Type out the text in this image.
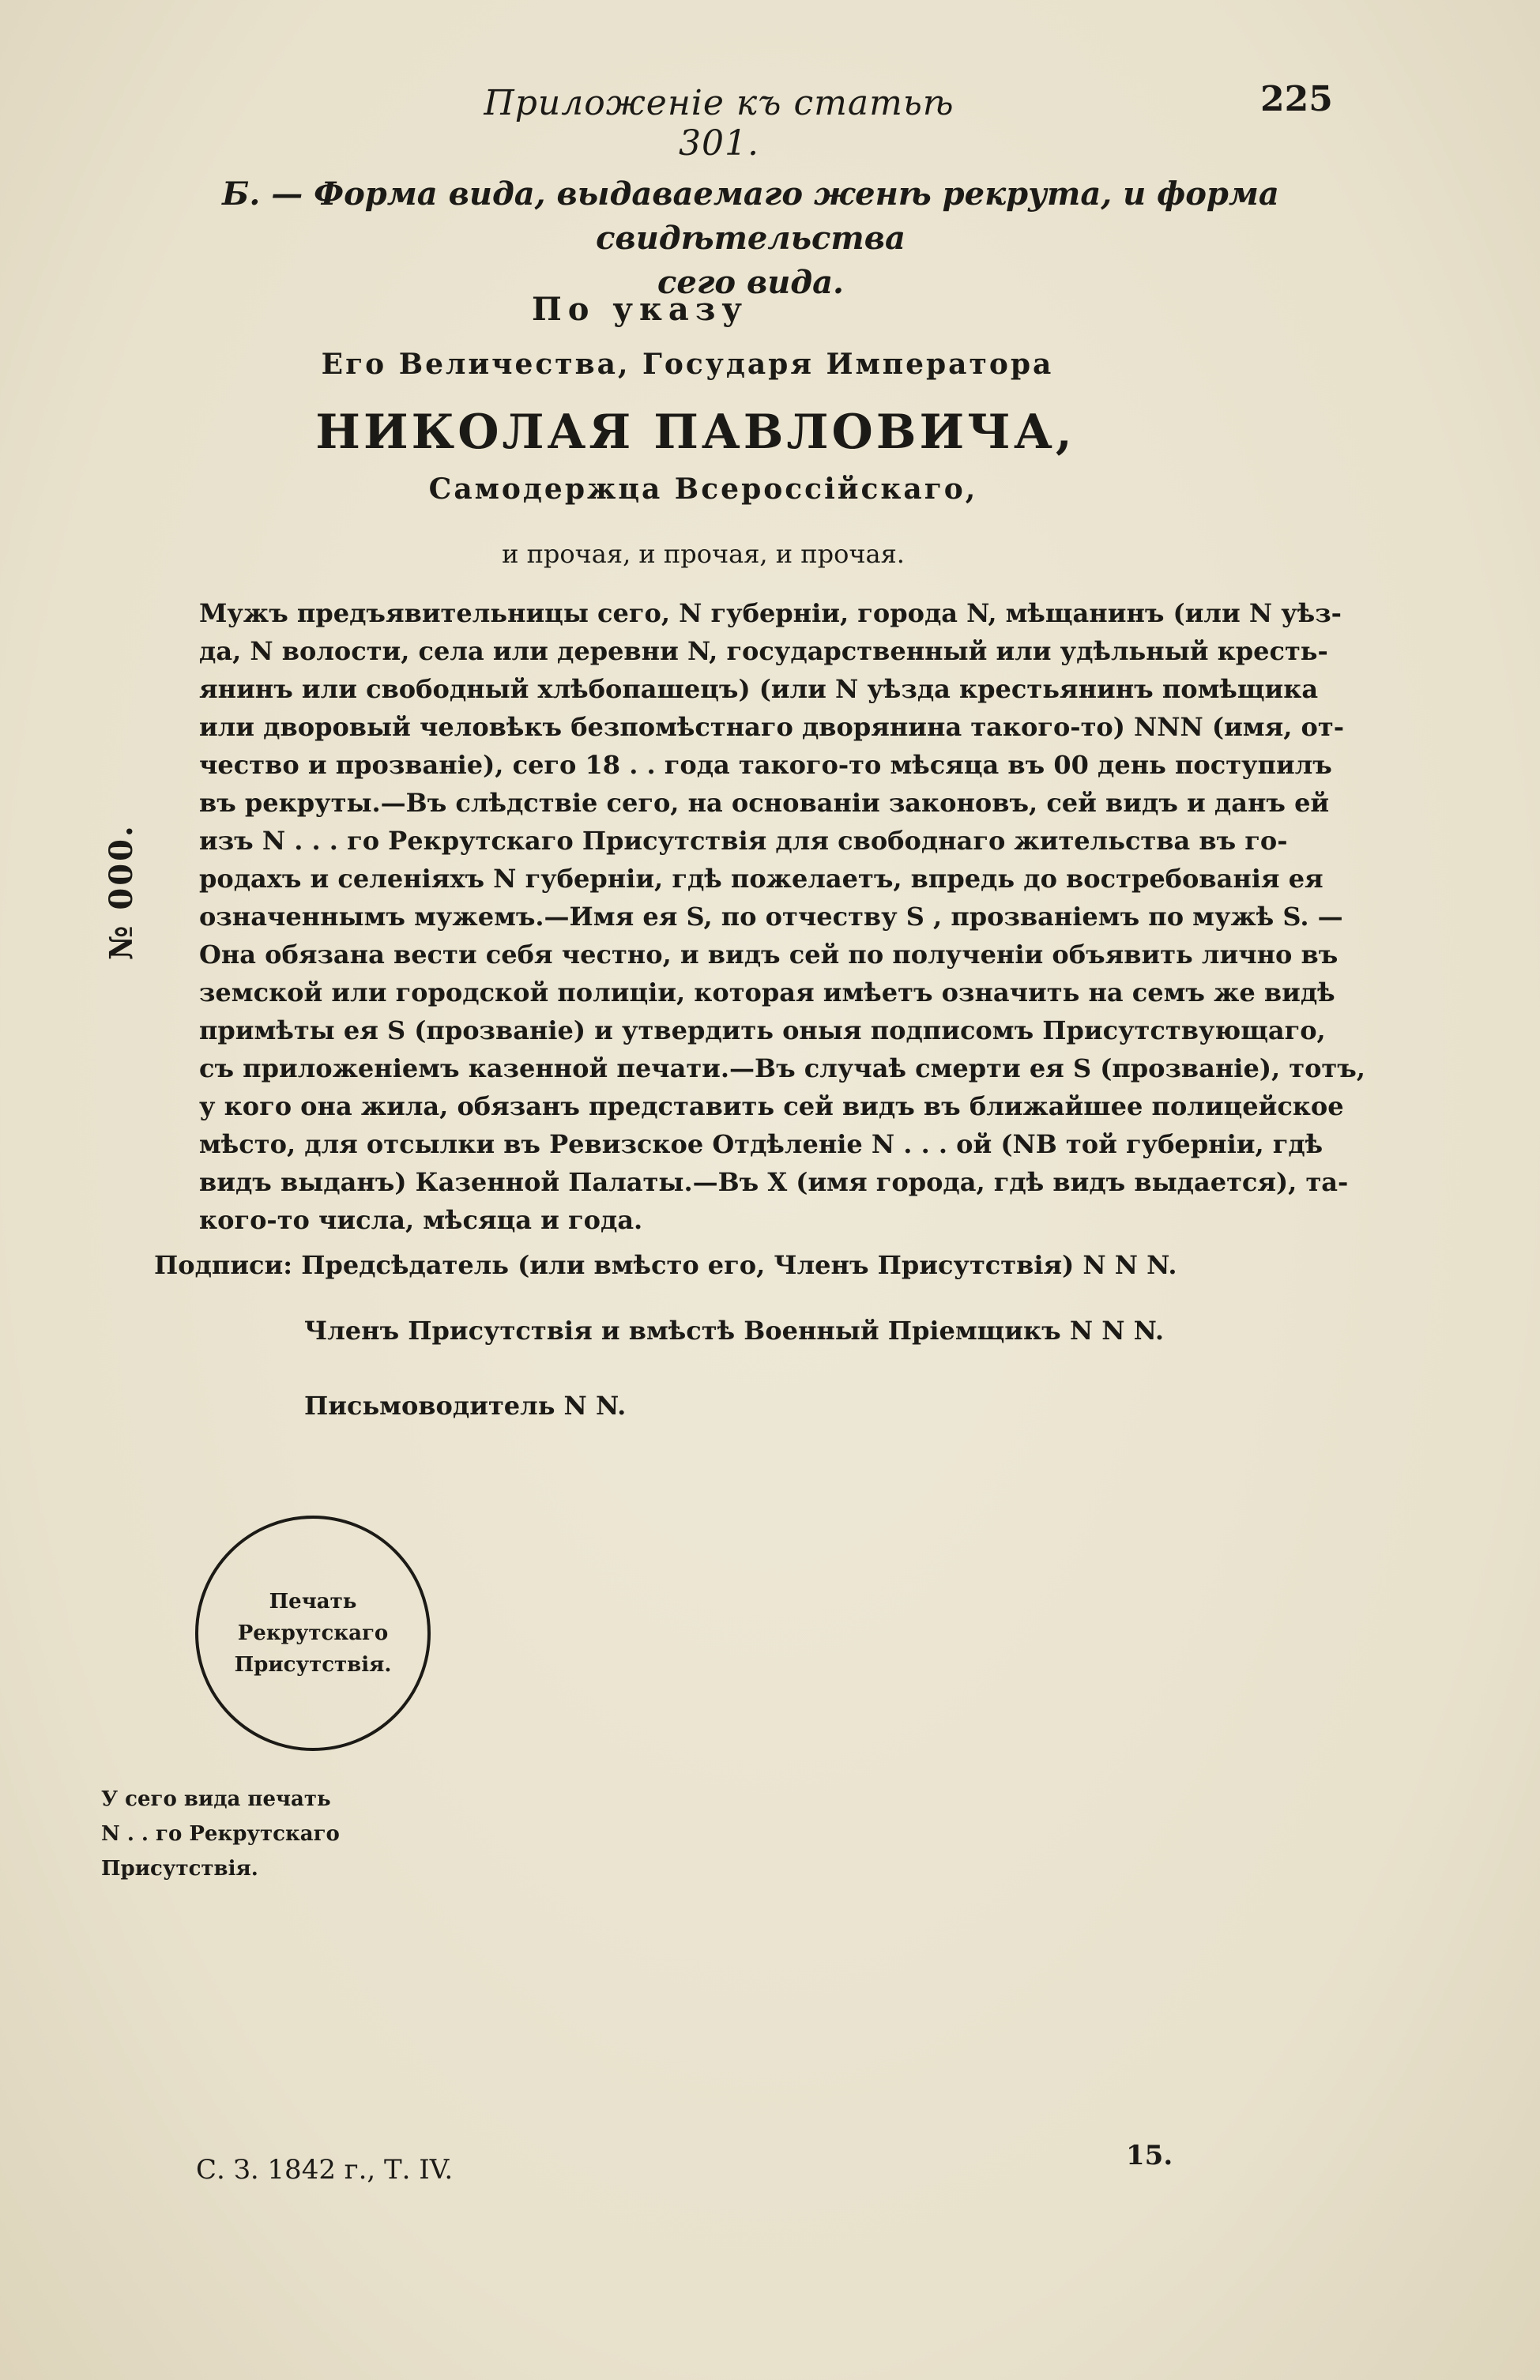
Приложеніе къ статьѣ 301.
225
Б. — Форма вида, выдаваемаго женѣ рекрута, и форма свидѣтельства
сего вида.
По указу
Его Величества, Государя Императора
НИКОЛАЯ ПАВЛОВИЧА,
Самодержца Всероссійскаго,
и прочая, и прочая, и прочая.
Мужъ предъявительницы сего, N губерніи, города N, мѣщанинъ (или N уѣз-
да, N волости, села или деревни N, государственный или удѣльный кресть-
янинъ или свободный хлѣбопашецъ) (или N уѣзда крестьянинъ помѣщика
или дворовый человѣкъ безпомѣстнаго дворянина такого-то) NNN (имя, от-
чество и прозваніе), сего 18 . . года такого-то мѣсяца въ 00 день поступилъ
въ рекруты.—Въ слѣдствіе сего, на основаніи законовъ, сей видъ и данъ ей
изъ N . . . го Рекрутскаго Присутствія для свободнаго жительства въ го-
родахъ и селеніяхъ N губерніи, гдѣ пожелаетъ, впредь до востребованія ея
означеннымъ мужемъ.—Имя ея S, по отчеству S , прозваніемъ по мужѣ S. —
Она обязана вести себя честно, и видъ сей по полученіи объявить лично въ
земской или городской полиціи, которая имѣетъ означить на семъ же видѣ
примѣты ея S (прозваніе) и утвердить оныя подписомъ Присутствующаго,
съ приложеніемъ казенной печати.—Въ случаѣ смерти ея S (прозваніе), тотъ,
у кого она жила, обязанъ представить сей видъ въ ближайшее полицейское
мѣсто, для отсылки въ Ревизское Отдѣленіе N . . . ой (NB той губерніи, гдѣ
видъ выданъ) Казенной Палаты.—Въ X (имя города, гдѣ видъ выдается), та-
кого-то числа, мѣсяца и года.
№ 000.
Подписи: Предсѣдатель (или вмѣсто его, Членъ Присутствія) N N N.
Членъ Присутствія и вмѣстѣ Военный Пріемщикъ N N N.
Письмоводитель N N.
Печать
Рекрутскаго
Присутствія.
У сего вида печать
N . . го Рекрутскаго
Присутствія.
С. З. 1842 г., Т. IV.	15.
